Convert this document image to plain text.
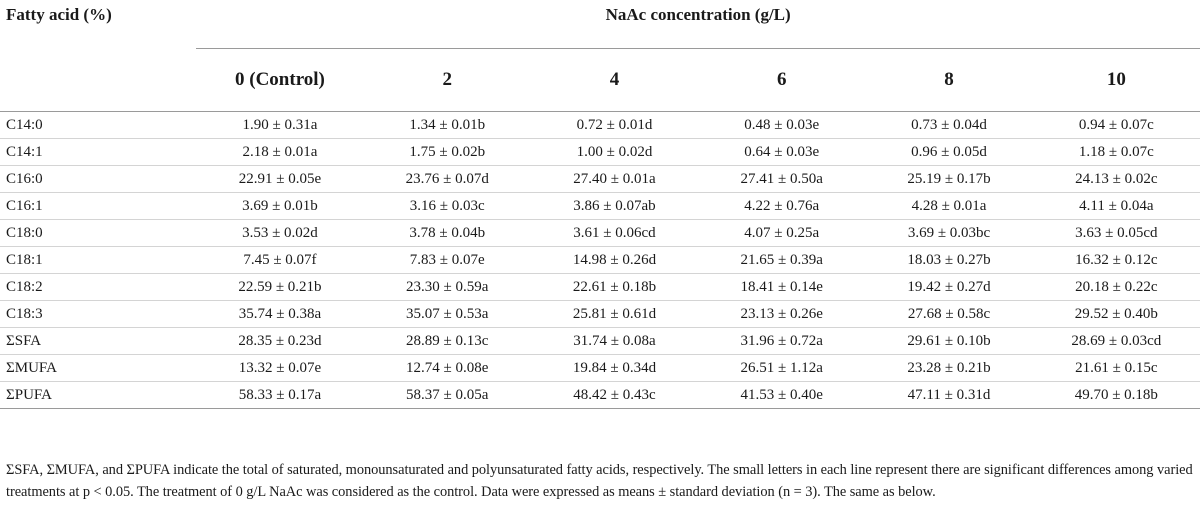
Fatty acid (%)	NaAc concentration (g/L)					
	0 (Control)	2	4	6	8	10
C14:0	1.90 ± 0.31a	1.34 ± 0.01b	0.72 ± 0.01d	0.48 ± 0.03e	0.73 ± 0.04d	0.94 ± 0.07c
C14:1	2.18 ± 0.01a	1.75 ± 0.02b	1.00 ± 0.02d	0.64 ± 0.03e	0.96 ± 0.05d	1.18 ± 0.07c
C16:0	22.91 ± 0.05e	23.76 ± 0.07d	27.40 ± 0.01a	27.41 ± 0.50a	25.19 ± 0.17b	24.13 ± 0.02c
C16:1	3.69 ± 0.01b	3.16 ± 0.03c	3.86 ± 0.07ab	4.22 ± 0.76a	4.28 ± 0.01a	4.11 ± 0.04a
C18:0	3.53 ± 0.02d	3.78 ± 0.04b	3.61 ± 0.06cd	4.07 ± 0.25a	3.69 ± 0.03bc	3.63 ± 0.05cd
C18:1	7.45 ± 0.07f	7.83 ± 0.07e	14.98 ± 0.26d	21.65 ± 0.39a	18.03 ± 0.27b	16.32 ± 0.12c
C18:2	22.59 ± 0.21b	23.30 ± 0.59a	22.61 ± 0.18b	18.41 ± 0.14e	19.42 ± 0.27d	20.18 ± 0.22c
C18:3	35.74 ± 0.38a	35.07 ± 0.53a	25.81 ± 0.61d	23.13 ± 0.26e	27.68 ± 0.58c	29.52 ± 0.40b
ΣSFA	28.35 ± 0.23d	28.89 ± 0.13c	31.74 ± 0.08a	31.96 ± 0.72a	29.61 ± 0.10b	28.69 ± 0.03cd
ΣMUFA	13.32 ± 0.07e	12.74 ± 0.08e	19.84 ± 0.34d	26.51 ± 1.12a	23.28 ± 0.21b	21.61 ± 0.15c
ΣPUFA	58.33 ± 0.17a	58.37 ± 0.05a	48.42 ± 0.43c	41.53 ± 0.40e	47.11 ± 0.31d	49.70 ± 0.18b
ΣSFA, ΣMUFA, and ΣPUFA indicate the total of saturated, monounsaturated and polyunsaturated fatty acids, respectively. The small letters in each line represent there are significant differences among varied treatments at p < 0.05. The treatment of 0 g/L NaAc was considered as the control. Data were expressed as means ± standard deviation (n = 3). The same as below.
